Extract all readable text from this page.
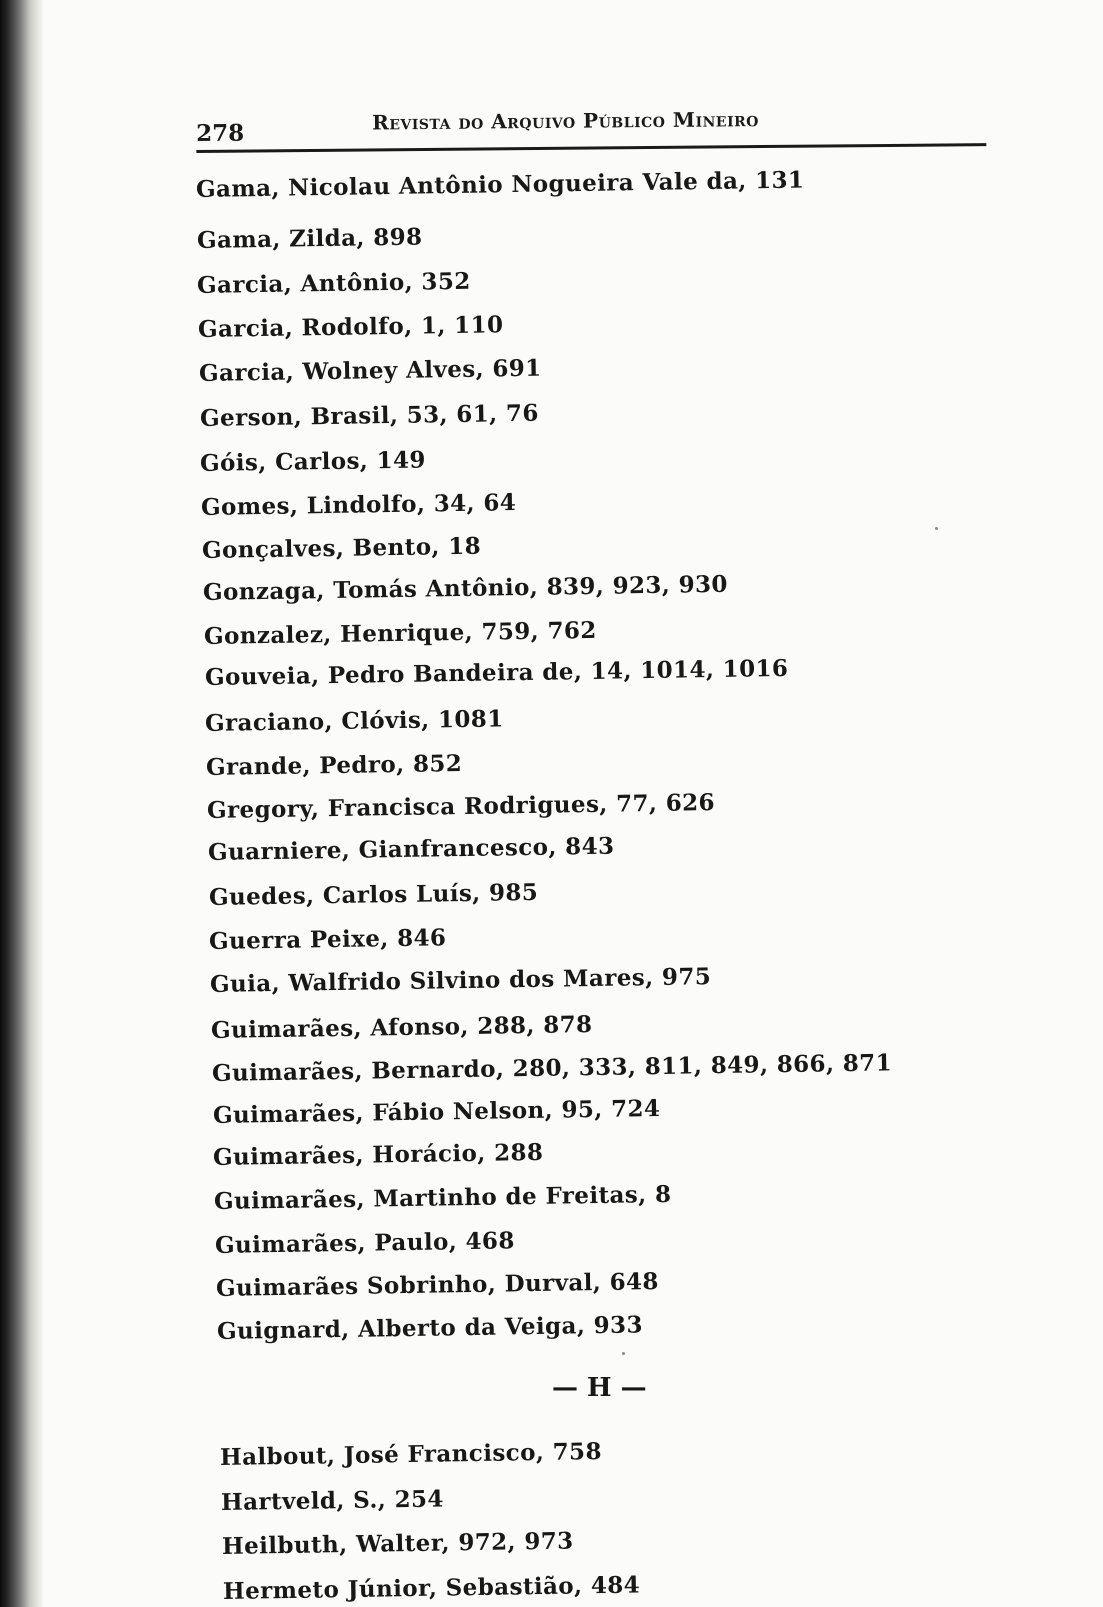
278	Revista do Arquivo Público Mineiro
Gama, Nicolau Antônio Nogueira Vale da, 131
Gama, Zilda, 898
Garcia, Antônio, 352
Garcia, Rodolfo, 1, 110
Garcia, Wolney Alves, 691
Gerson, Brasil, 53, 61, 76
Góis, Carlos, 149
Gomes, Lindolfo, 34, 64
Gonçalves, Bento, 18
Gonzaga, Tomás Antônio, 839, 923, 930
Gonzalez, Henrique, 759, 762
Gouveia, Pedro Bandeira de, 14, 1014, 1016
Graciano, Clóvis, 1081
Grande, Pedro, 852
Gregory, Francisca Rodrigues, 77, 626
Guarniere, Gianfrancesco, 843
Guedes, Carlos Luís, 985
Guerra Peixe, 846
Guia, Walfrido Silvino dos Mares, 975
Guimarães, Afonso, 288, 878
Guimarães, Bernardo, 280, 333, 811, 849, 866, 871
Guimarães, Fábio Nelson, 95, 724
Guimarães, Horácio, 288
Guimarães, Martinho de Freitas, 8
Guimarães, Paulo, 468
Guimarães Sobrinho, Durval, 648
Guignard, Alberto da Veiga, 933
— H —
Halbout, José Francisco, 758
Hartveld, S., 254
Heilbuth, Walter, 972, 973
Hermeto Júnior, Sebastião, 484
